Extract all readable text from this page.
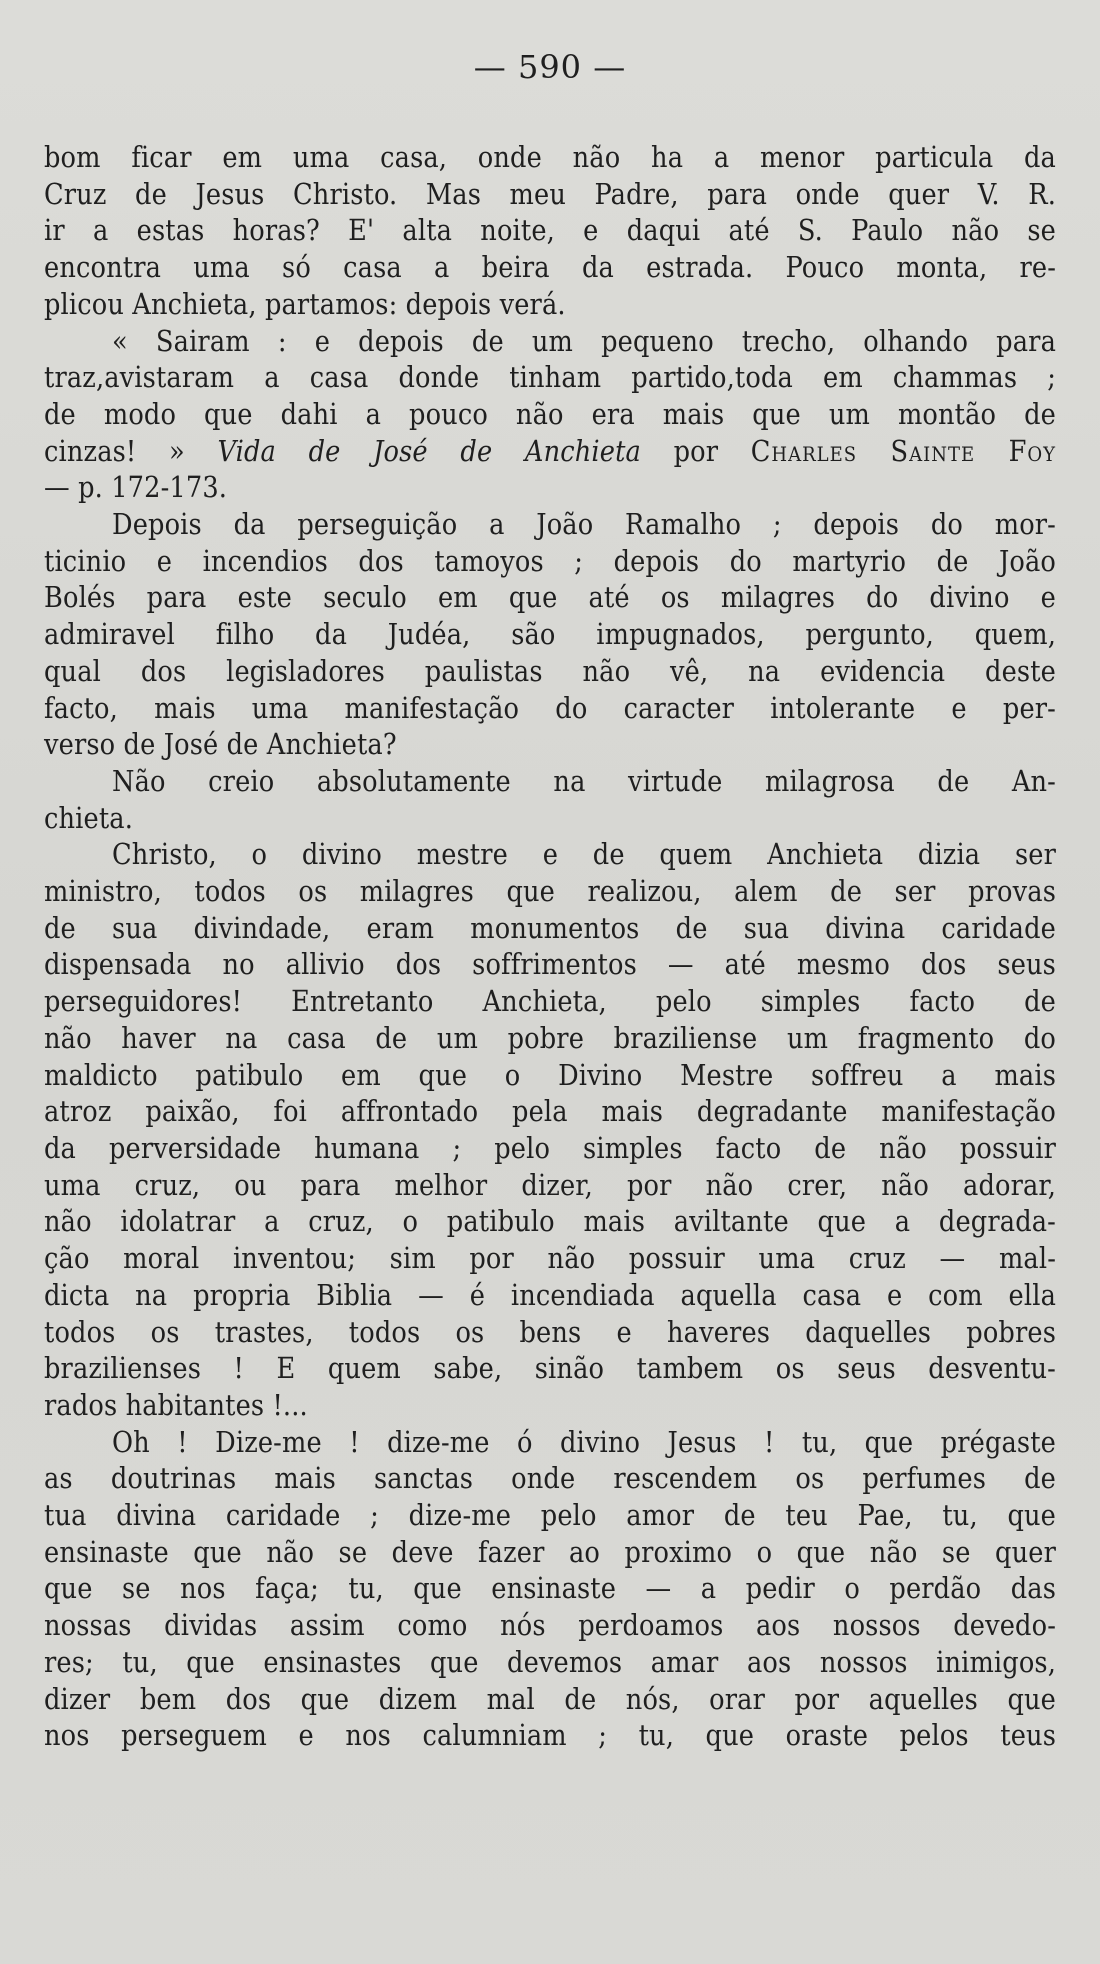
— 590 —
bom ficar em uma casa, onde não ha a menor particula da
Cruz de Jesus Christo. Mas meu Padre, para onde quer V. R.
ir a estas horas? E' alta noite, e daqui até S. Paulo não se
encontra uma só casa a beira da estrada. Pouco monta, re-
plicou Anchieta, partamos: depois verá.
« Sairam : e depois de um pequeno trecho, olhando para
traz,avistaram a casa donde tinham partido,toda em chammas ;
de modo que dahi a pouco não era mais que um montão de
cinzas! » Vida de José de Anchieta por Charles Sainte Foy
— p. 172-173.
Depois da perseguição a João Ramalho ; depois do mor-
ticinio e incendios dos tamoyos ; depois do martyrio de João
Bolés para este seculo em que até os milagres do divino e
admiravel filho da Judéa, são impugnados, pergunto, quem,
qual dos legisladores paulistas não vê, na evidencia deste
facto, mais uma manifestação do caracter intolerante e per-
verso de José de Anchieta?
Não creio absolutamente na virtude milagrosa de An-
chieta.
Christo, o divino mestre e de quem Anchieta dizia ser
ministro, todos os milagres que realizou, alem de ser provas
de sua divindade, eram monumentos de sua divina caridade
dispensada no allivio dos soffrimentos — até mesmo dos seus
perseguidores! Entretanto Anchieta, pelo simples facto de
não haver na casa de um pobre braziliense um fragmento do
maldicto patibulo em que o Divino Mestre soffreu a mais
atroz paixão, foi affrontado pela mais degradante manifestação
da perversidade humana ; pelo simples facto de não possuir
uma cruz, ou para melhor dizer, por não crer, não adorar,
não idolatrar a cruz, o patibulo mais aviltante que a degrada-
ção moral inventou; sim por não possuir uma cruz — mal-
dicta na propria Biblia — é incendiada aquella casa e com ella
todos os trastes, todos os bens e haveres daquelles pobres
brazilienses ! E quem sabe, sinão tambem os seus desventu-
rados habitantes !...
Oh ! Dize-me ! dize-me ó divino Jesus ! tu, que prégaste
as doutrinas mais sanctas onde rescendem os perfumes de
tua divina caridade ; dize-me pelo amor de teu Pae, tu, que
ensinaste que não se deve fazer ao proximo o que não se quer
que se nos faça; tu, que ensinaste — a pedir o perdão das
nossas dividas assim como nós perdoamos aos nossos devedo-
res; tu, que ensinastes que devemos amar aos nossos inimigos,
dizer bem dos que dizem mal de nós, orar por aquelles que
nos perseguem e nos calumniam ; tu, que oraste pelos teus
